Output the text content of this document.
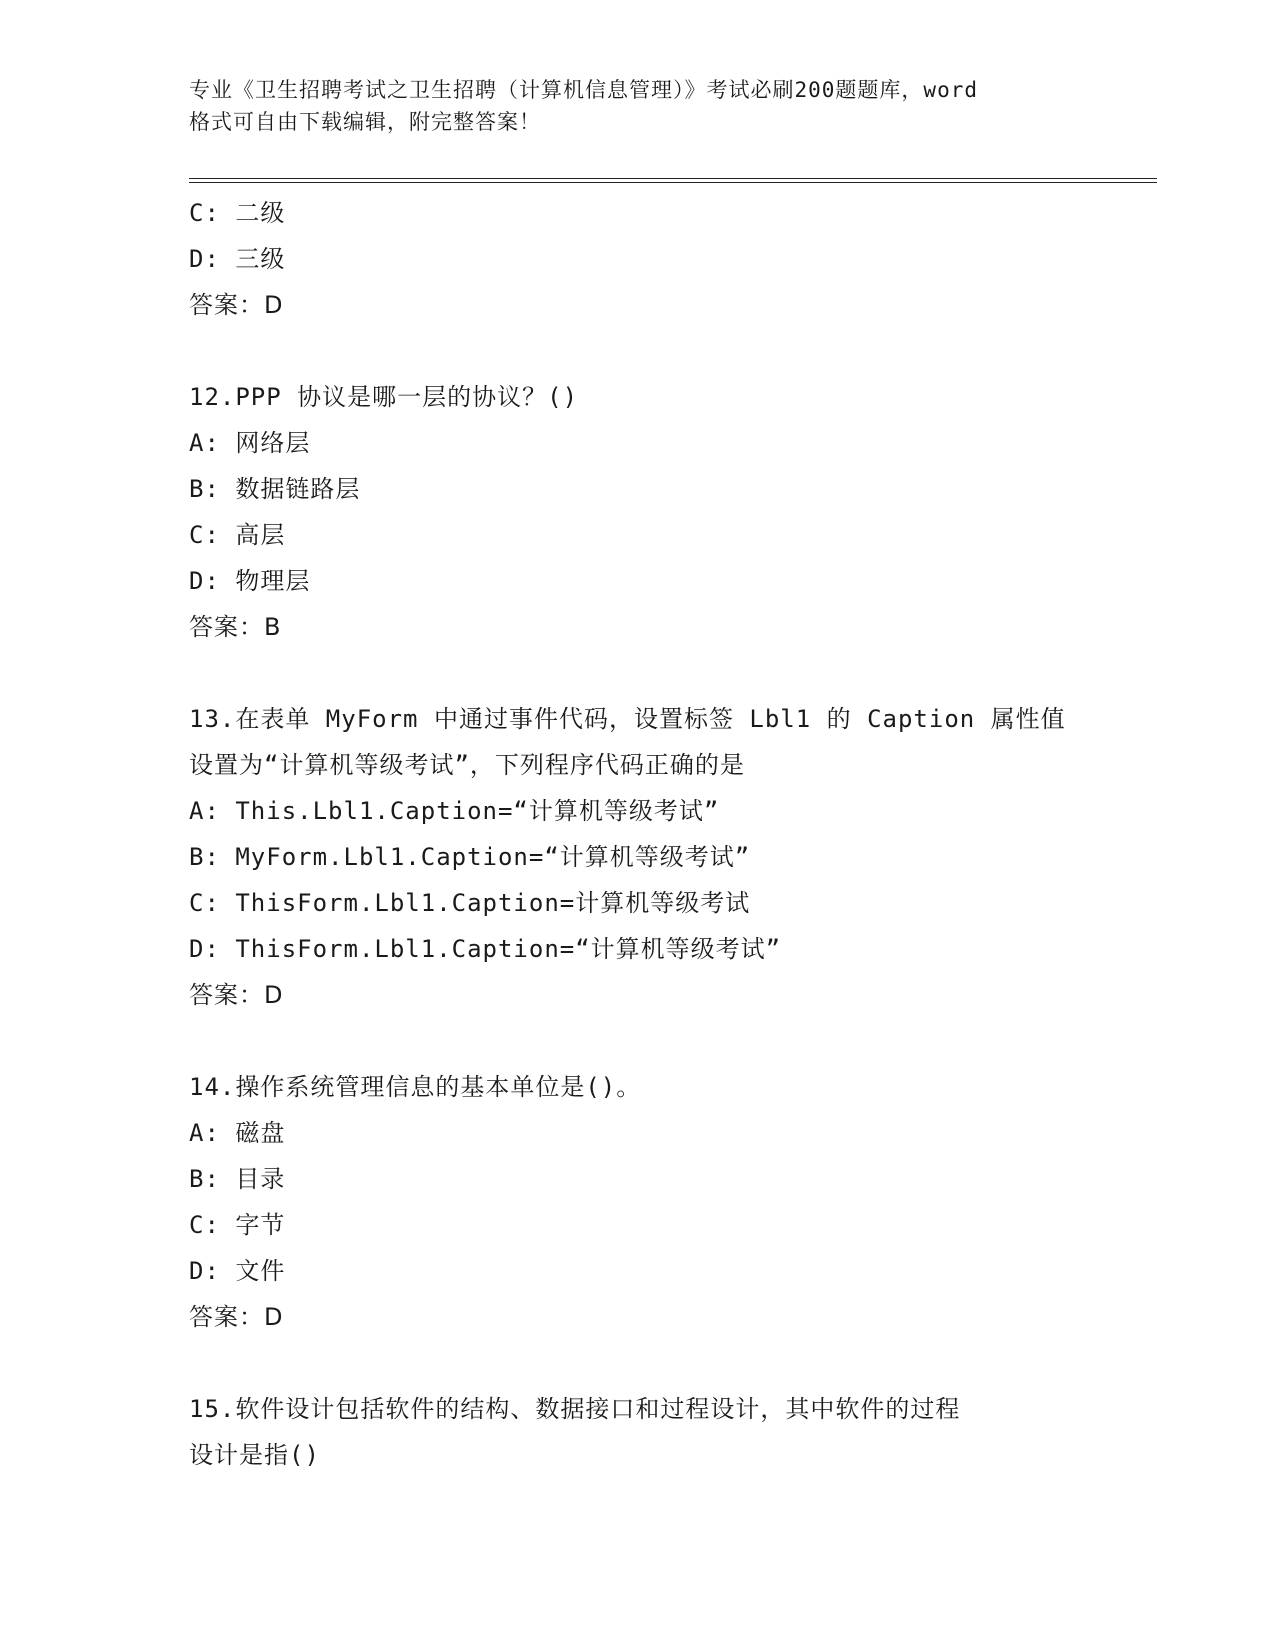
专业《卫生招聘考试之卫生招聘（计算机信息管理）》考试必刷200题题库，word
格式可自由下载编辑，附完整答案！
C: 二级
D: 三级
答案：D
12.PPP 协议是哪一层的协议？()
A: 网络层
B: 数据链路层
C: 高层
D: 物理层
答案：B
13.在表单 MyForm 中通过事件代码，设置标签 Lbl1 的 Caption 属性值
设置为“计算机等级考试”，下列程序代码正确的是
A: This.Lbl1.Caption=“计算机等级考试”
B: MyForm.Lbl1.Caption=“计算机等级考试”
C: ThisForm.Lbl1.Caption=计算机等级考试
D: ThisForm.Lbl1.Caption=“计算机等级考试”
答案：D
14.操作系统管理信息的基本单位是()。
A: 磁盘
B: 目录
C: 字节
D: 文件
答案：D
15.软件设计包括软件的结构、数据接口和过程设计，其中软件的过程
设计是指()
